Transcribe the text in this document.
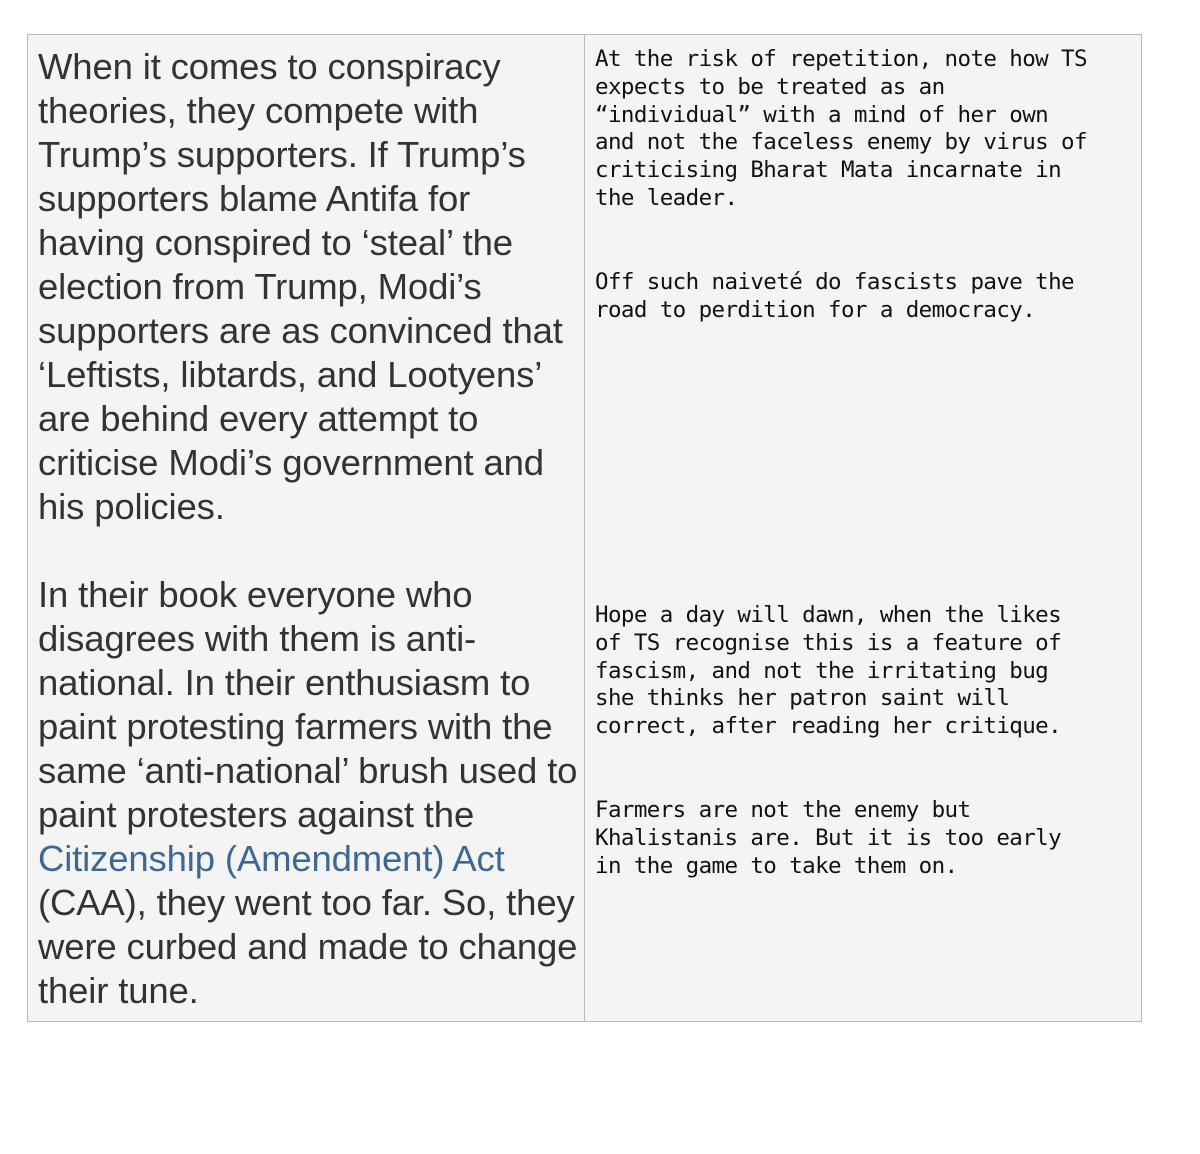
When it comes to conspiracy theories, they compete with Trump’s supporters. If Trump’s supporters blame Antifa for having conspired to ‘steal’ the election from Trump, Modi’s supporters are as convinced that ‘Leftists, libtards, and Lootyens’ are behind every attempt to criticise Modi’s government and his policies.

In their book everyone who disagrees with them is anti-national. In their enthusiasm to paint protesting farmers with the same ‘anti-national’ brush used to paint protesters against the Citizenship (Amendment) Act (CAA), they went too far. So, they were curbed and made to change their tune.

At the risk of repetition, note how TS
expects to be treated as an
“individual” with a mind of her own
and not the faceless enemy by virus of
criticising Bharat Mata incarnate in
the leader.

Off such naiveté do fascists pave the
road to perdition for a democracy.

Hope a day will dawn, when the likes
of TS recognise this is a feature of
fascism, and not the irritating bug
she thinks her patron saint will
correct, after reading her critique.

Farmers are not the enemy but
Khalistanis are. But it is too early
in the game to take them on.
